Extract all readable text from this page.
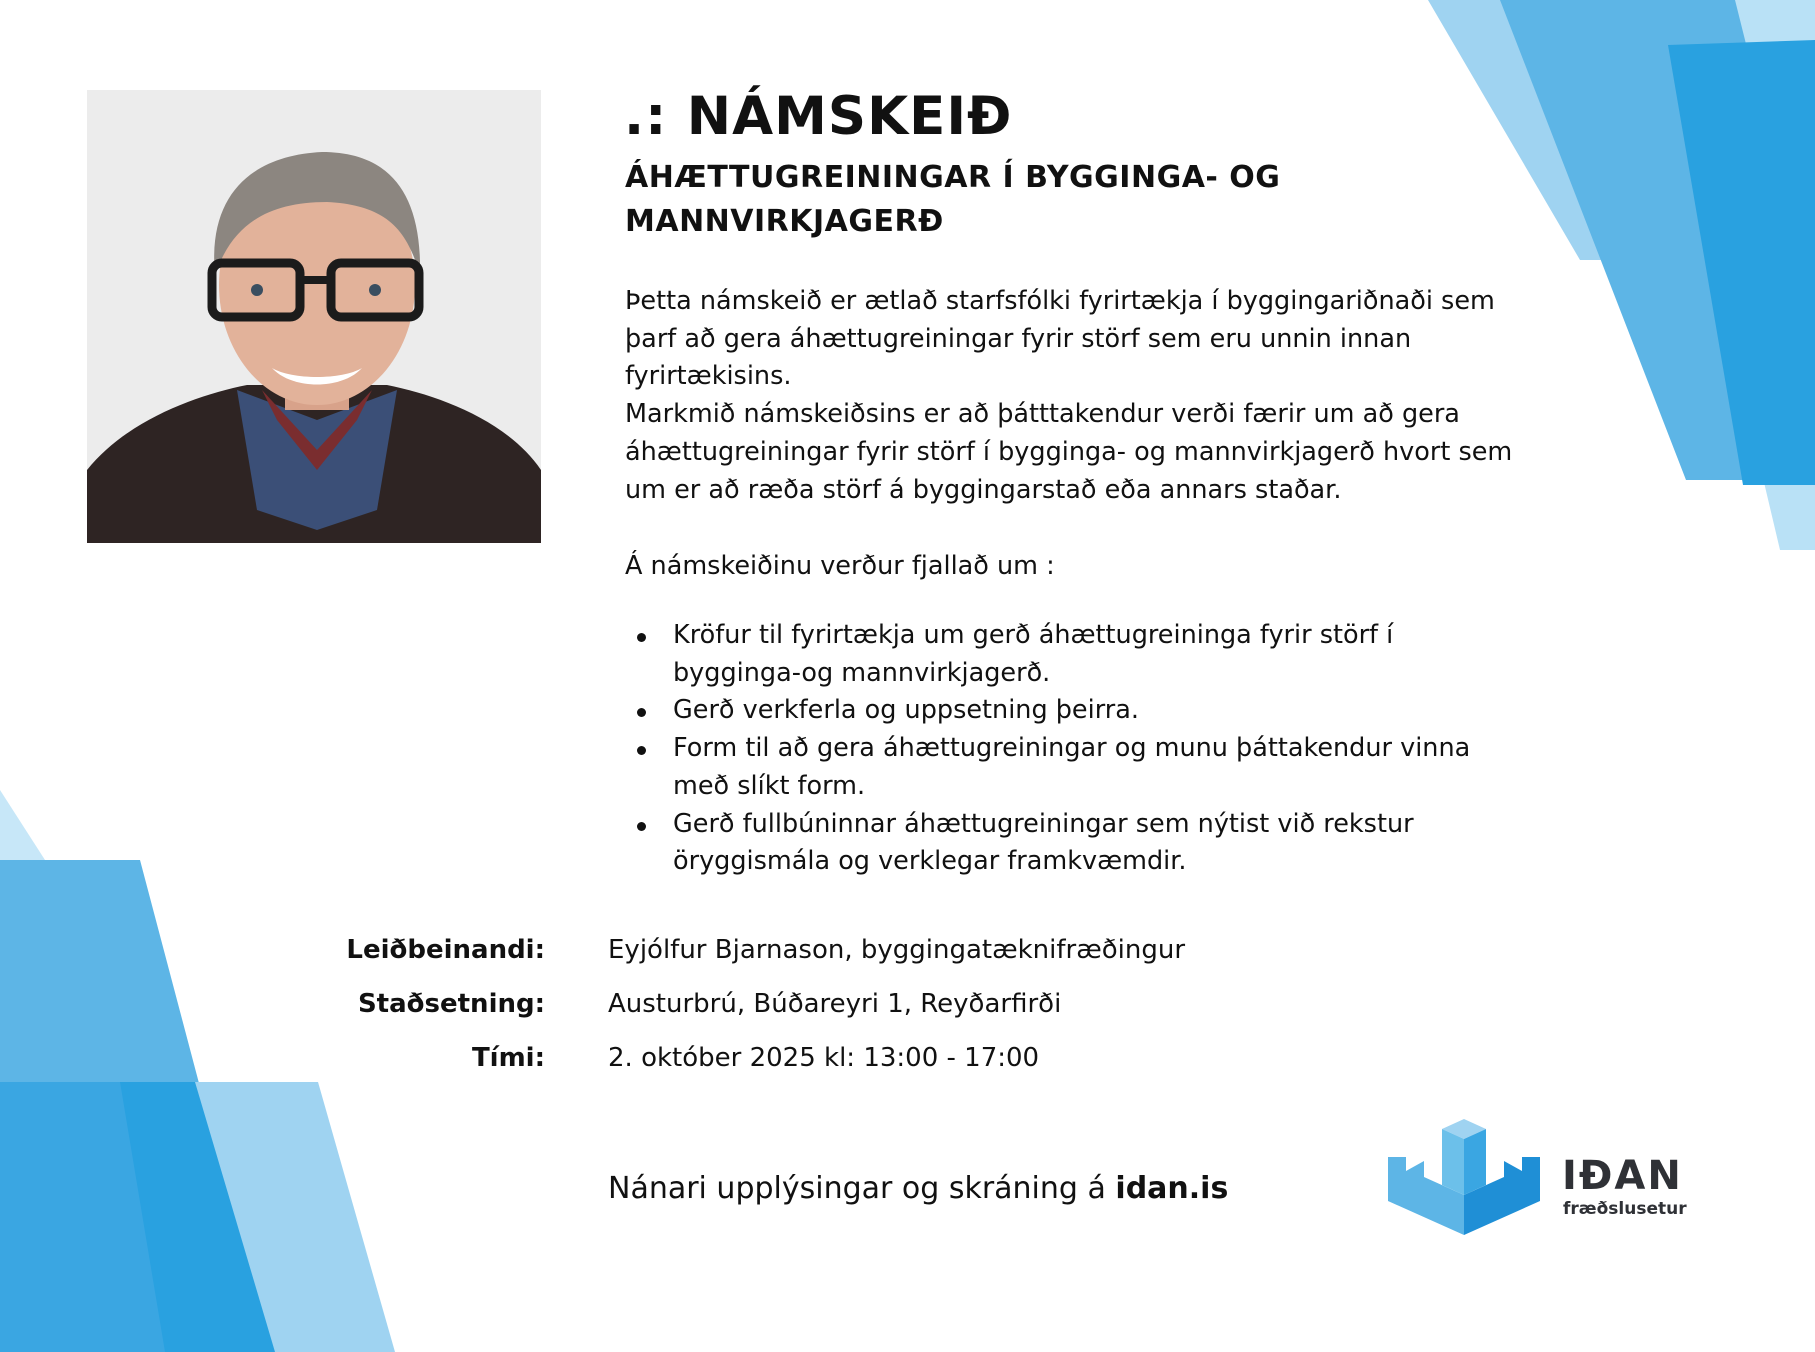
.: NÁMSKEIÐ
ÁHÆTTUGREININGAR Í BYGGINGA- OG MANNVIRKJAGERÐ

Þetta námskeið er ætlað starfsfólki fyrirtækja í byggingariðnaði sem þarf að gera áhættugreiningar fyrir störf sem eru unnin innan fyrirtækisins.

Markmið námskeiðsins er að þátttakendur verði færir um að gera áhættugreiningar fyrir störf í bygginga- og mannvirkjagerð hvort sem um er að ræða störf á byggingarstað eða annars staðar.

Á námskeiðinu verður fjallað um :

Kröfur til fyrirtækja um gerð áhættugreininga fyrir störf í bygginga-og mannvirkjagerð.
Gerð verkferla og uppsetning þeirra.
Form til að gera áhættugreiningar og munu þáttakendur vinna með slíkt form.
Gerð fullbúninnar áhættugreiningar sem nýtist við rekstur öryggismála og verklegar framkvæmdir.
Leiðbeinandi: Eyjólfur Bjarnason, byggingatæknifræðingur
Staðsetning: Austurbrú, Búðareyri 1, Reyðarfirði
Tími: 2. október 2025 kl: 13:00 - 17:00
Nánari upplýsingar og skráning á idan.is	IÐAN
fræðslusetur
